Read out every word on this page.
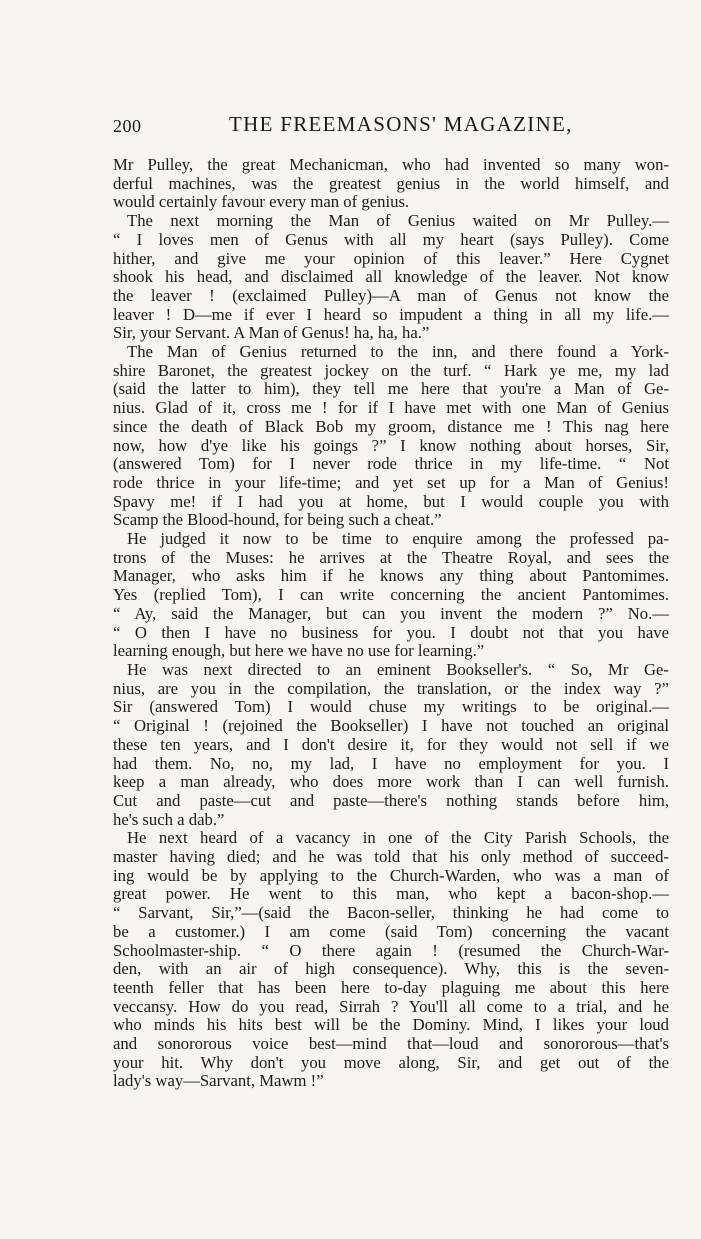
200	THE FREEMASONS' MAGAZINE,

Mr Pulley, the great Mechanicman, who had invented so many won-

derful machines, was the greatest genius in the world himself, and

would certainly favour every man of genius.

The next morning the Man of Genius waited on Mr Pulley.—

“ I loves men of Genus with all my heart (says Pulley). Come

hither, and give me your opinion of this leaver.” Here Cygnet

shook his head, and disclaimed all knowledge of the leaver. Not know

the leaver ! (exclaimed Pulley)—A man of Genus not know the

leaver ! D—me if ever I heard so impudent a thing in all my life.—

Sir, your Servant. A Man of Genus! ha, ha, ha.”

The Man of Genius returned to the inn, and there found a York-

shire Baronet, the greatest jockey on the turf. “ Hark ye me, my lad

(said the latter to him), they tell me here that you're a Man of Ge-

nius. Glad of it, cross me ! for if I have met with one Man of Genius

since the death of Black Bob my groom, distance me ! This nag here

now, how d'ye like his goings ?” I know nothing about horses, Sir,

(answered Tom) for I never rode thrice in my life-time. “ Not

rode thrice in your life-time; and yet set up for a Man of Genius!

Spavy me! if I had you at home, but I would couple you with

Scamp the Blood-hound, for being such a cheat.”

He judged it now to be time to enquire among the professed pa-

trons of the Muses: he arrives at the Theatre Royal, and sees the

Manager, who asks him if he knows any thing about Pantomimes.

Yes (replied Tom), I can write concerning the ancient Pantomimes.

“ Ay, said the Manager, but can you invent the modern ?” No.—

“ O then I have no business for you. I doubt not that you have

learning enough, but here we have no use for learning.”

He was next directed to an eminent Bookseller's. “ So, Mr Ge-

nius, are you in the compilation, the translation, or the index way ?”

Sir (answered Tom) I would chuse my writings to be original.—

“ Original ! (rejoined the Bookseller) I have not touched an original

these ten years, and I don't desire it, for they would not sell if we

had them. No, no, my lad, I have no employment for you. I

keep a man already, who does more work than I can well furnish.

Cut and paste—cut and paste—there's nothing stands before him,

he's such a dab.”

He next heard of a vacancy in one of the City Parish Schools, the

master having died; and he was told that his only method of succeed-

ing would be by applying to the Church-Warden, who was a man of

great power. He went to this man, who kept a bacon-shop.—

“ Sarvant, Sir,”—(said the Bacon-seller, thinking he had come to

be a customer.) I am come (said Tom) concerning the vacant

Schoolmaster-ship. “ O there again ! (resumed the Church-War-

den, with an air of high consequence). Why, this is the seven-

teenth feller that has been here to-day plaguing me about this here

veccansy. How do you read, Sirrah ? You'll all come to a trial, and he

who minds his hits best will be the Dominy. Mind, I likes your loud

and sonororous voice best—mind that—loud and sonororous—that's

your hit. Why don't you move along, Sir, and get out of the

lady's way—Sarvant, Mawm !”
